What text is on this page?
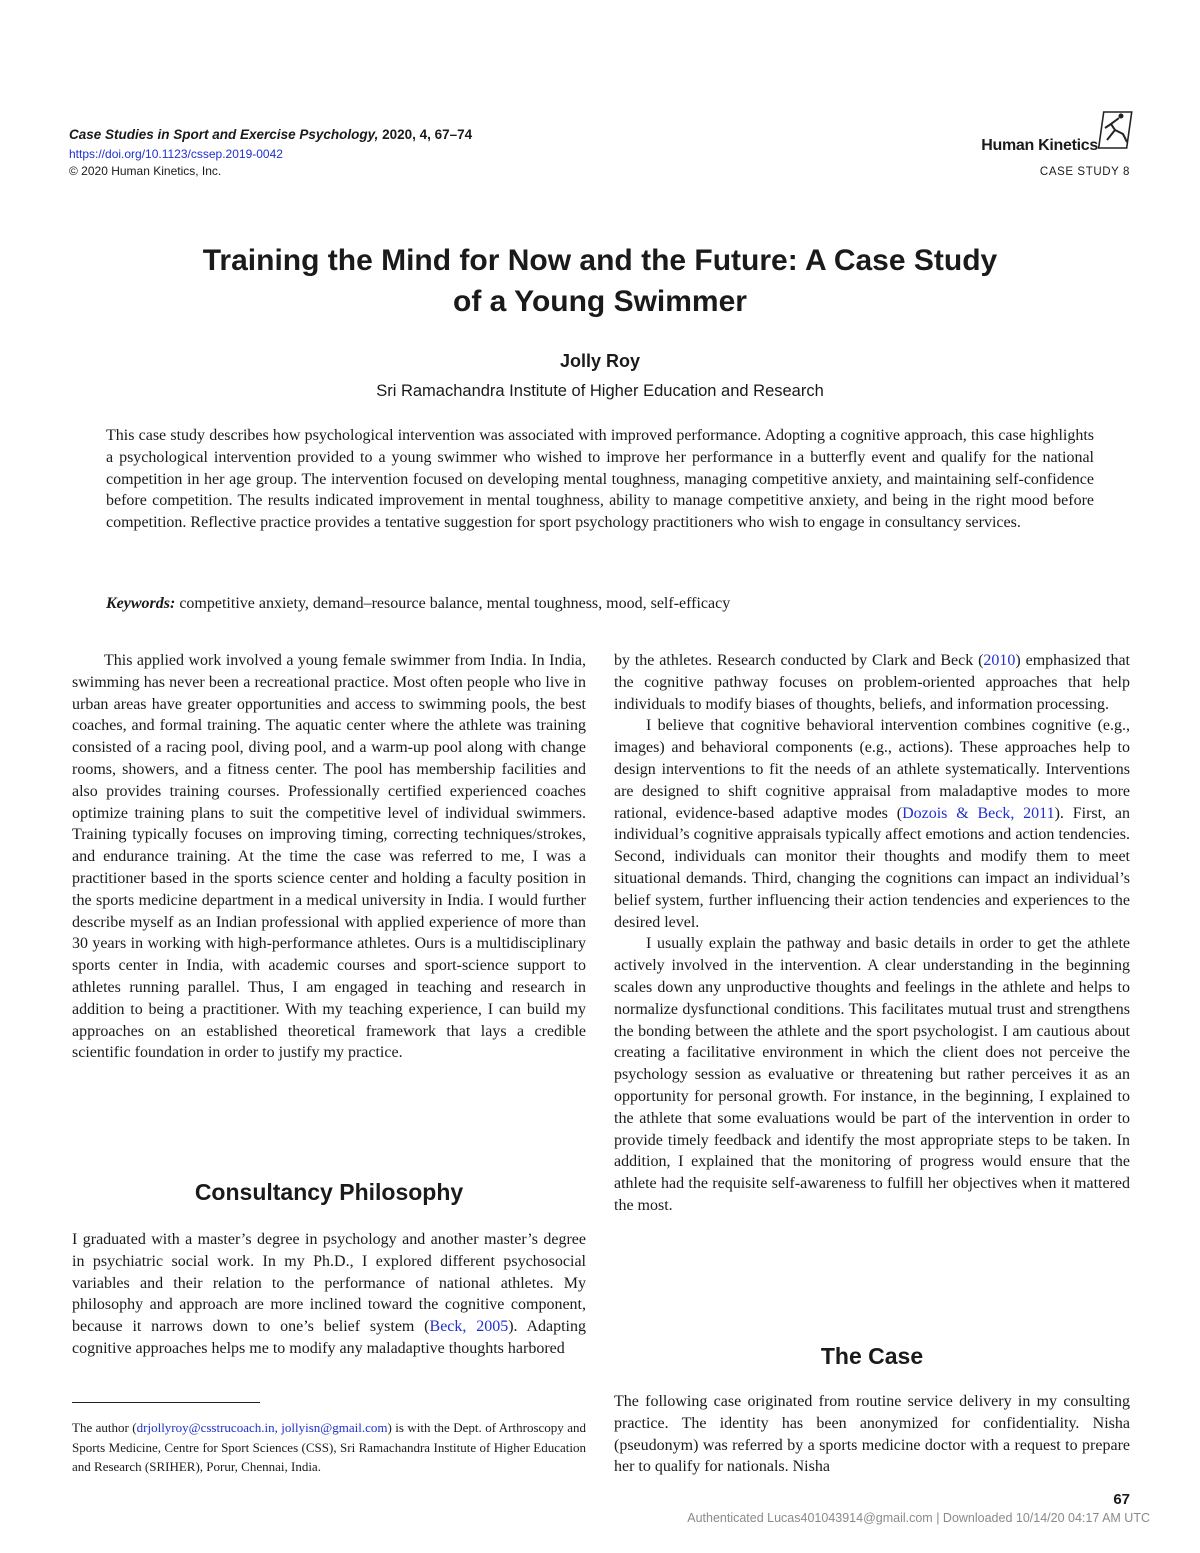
Case Studies in Sport and Exercise Psychology, 2020, 4, 67–74
https://doi.org/10.1123/cssep.2019-0042
© 2020 Human Kinetics, Inc.
Human Kinetics
CASE STUDY 8
Training the Mind for Now and the Future: A Case Study
of a Young Swimmer
Jolly Roy
Sri Ramachandra Institute of Higher Education and Research
This case study describes how psychological intervention was associated with improved performance. Adopting a cognitive approach, this case highlights a psychological intervention provided to a young swimmer who wished to improve her performance in a butterfly event and qualify for the national competition in her age group. The intervention focused on developing mental toughness, managing competitive anxiety, and maintaining self-confidence before competition. The results indicated improvement in mental toughness, ability to manage competitive anxiety, and being in the right mood before competition. Reflective practice provides a tentative suggestion for sport psychology practitioners who wish to engage in consultancy services.
Keywords: competitive anxiety, demand–resource balance, mental toughness, mood, self-efficacy

This applied work involved a young female swimmer from India. In India, swimming has never been a recreational practice. Most often people who live in urban areas have greater opportunities and access to swimming pools, the best coaches, and formal training. The aquatic center where the athlete was training consisted of a racing pool, diving pool, and a warm-up pool along with change rooms, showers, and a fitness center. The pool has membership facilities and also provides training courses. Professionally certified experienced coaches optimize training plans to suit the competitive level of individual swimmers. Training typically focuses on improving timing, correcting techniques/strokes, and endurance training. At the time the case was referred to me, I was a practitioner based in the sports science center and holding a faculty position in the sports medicine department in a medical university in India. I would further describe myself as an Indian professional with applied experience of more than 30 years in working with high-performance athletes. Ours is a multidisciplinary sports center in India, with academic courses and sport-science support to athletes running parallel. Thus, I am engaged in teaching and research in addition to being a practitioner. With my teaching experience, I can build my approaches on an established theoretical framework that lays a credible scientific foundation in order to justify my practice.

Consultancy Philosophy

I graduated with a master’s degree in psychology and another master’s degree in psychiatric social work. In my Ph.D., I explored different psychosocial variables and their relation to the performance of national athletes. My philosophy and approach are more inclined toward the cognitive component, because it narrows down to one’s belief system (Beck, 2005). Adapting cognitive approaches helps me to modify any maladaptive thoughts harbored

The author (drjollyroy@csstrucoach.in, jollyisn@gmail.com) is with the Dept. of Arthroscopy and Sports Medicine, Centre for Sport Sciences (CSS), Sri Ramachandra Institute of Higher Education and Research (SRIHER), Porur, Chennai, India.

by the athletes. Research conducted by Clark and Beck (2010) emphasized that the cognitive pathway focuses on problem-oriented approaches that help individuals to modify biases of thoughts, beliefs, and information processing.

I believe that cognitive behavioral intervention combines cognitive (e.g., images) and behavioral components (e.g., actions). These approaches help to design interventions to fit the needs of an athlete systematically. Interventions are designed to shift cognitive appraisal from maladaptive modes to more rational, evidence-based adaptive modes (Dozois & Beck, 2011). First, an individual’s cognitive appraisals typically affect emotions and action tendencies. Second, individuals can monitor their thoughts and modify them to meet situational demands. Third, changing the cognitions can impact an individual’s belief system, further influencing their action tendencies and experiences to the desired level.

I usually explain the pathway and basic details in order to get the athlete actively involved in the intervention. A clear understanding in the beginning scales down any unproductive thoughts and feelings in the athlete and helps to normalize dysfunctional conditions. This facilitates mutual trust and strengthens the bonding between the athlete and the sport psychologist. I am cautious about creating a facilitative environment in which the client does not perceive the psychology session as evaluative or threatening but rather perceives it as an opportunity for personal growth. For instance, in the beginning, I explained to the athlete that some evaluations would be part of the intervention in order to provide timely feedback and identify the most appropriate steps to be taken. In addition, I explained that the monitoring of progress would ensure that the athlete had the requisite self-awareness to fulfill her objectives when it mattered the most.

The Case

The following case originated from routine service delivery in my consulting practice. The identity has been anonymized for confidentiality. Nisha (pseudonym) was referred by a sports medicine doctor with a request to prepare her to qualify for nationals. Nisha

67
Authenticated Lucas401043914@gmail.com | Downloaded 10/14/20 04:17 AM UTC
